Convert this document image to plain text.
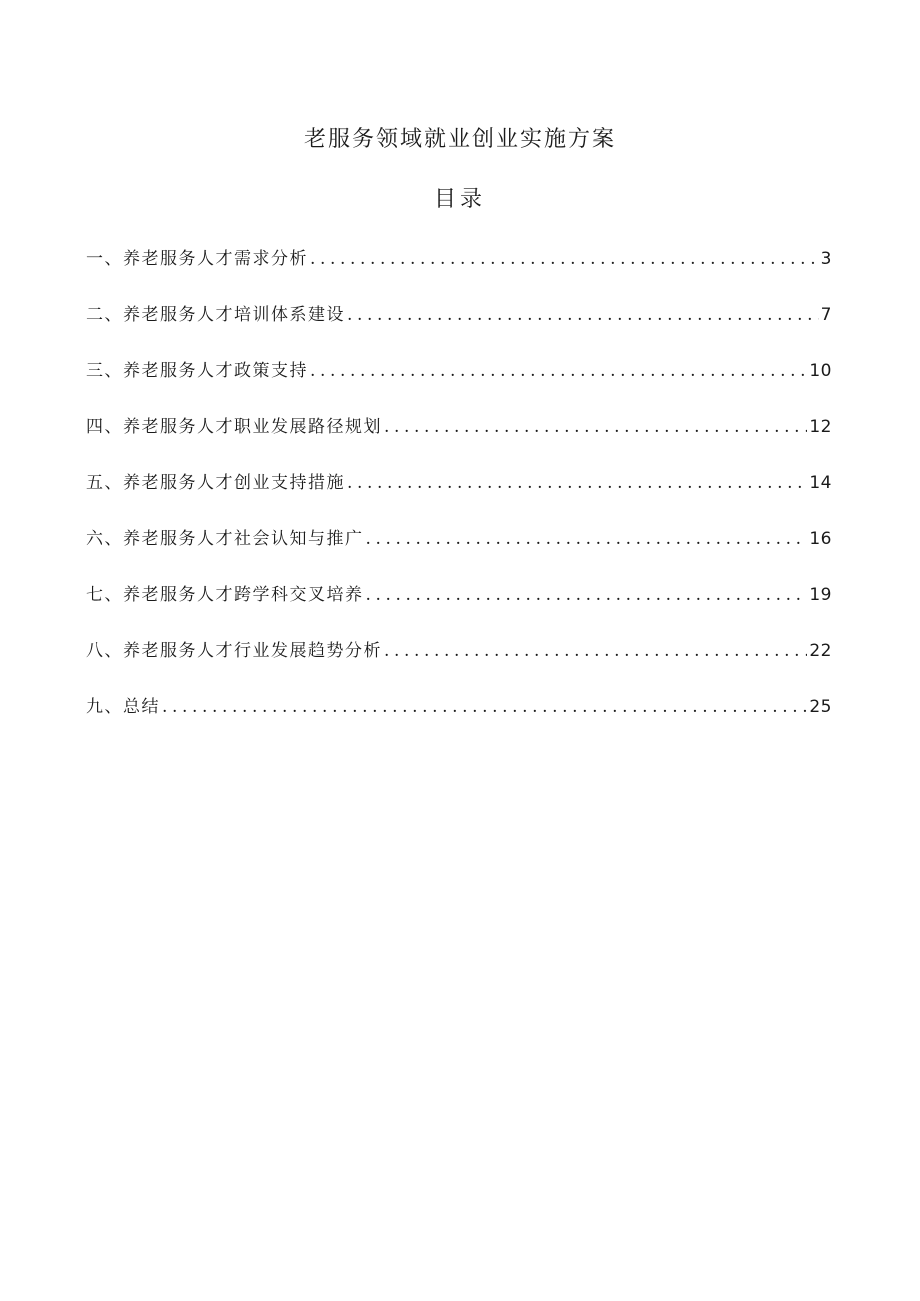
老服务领域就业创业实施方案
目录
一、养老服务人才需求分析 .....	3
二、养老服务人才培训体系建设 .....	7
三、养老服务人才政策支持 .....	10
四、养老服务人才职业发展路径规划 .....	12
五、养老服务人才创业支持措施 .....	14
六、养老服务人才社会认知与推广 .....	16
七、养老服务人才跨学科交叉培养 .....	19
八、养老服务人才行业发展趋势分析 .....	22
九、总结 .....	25
